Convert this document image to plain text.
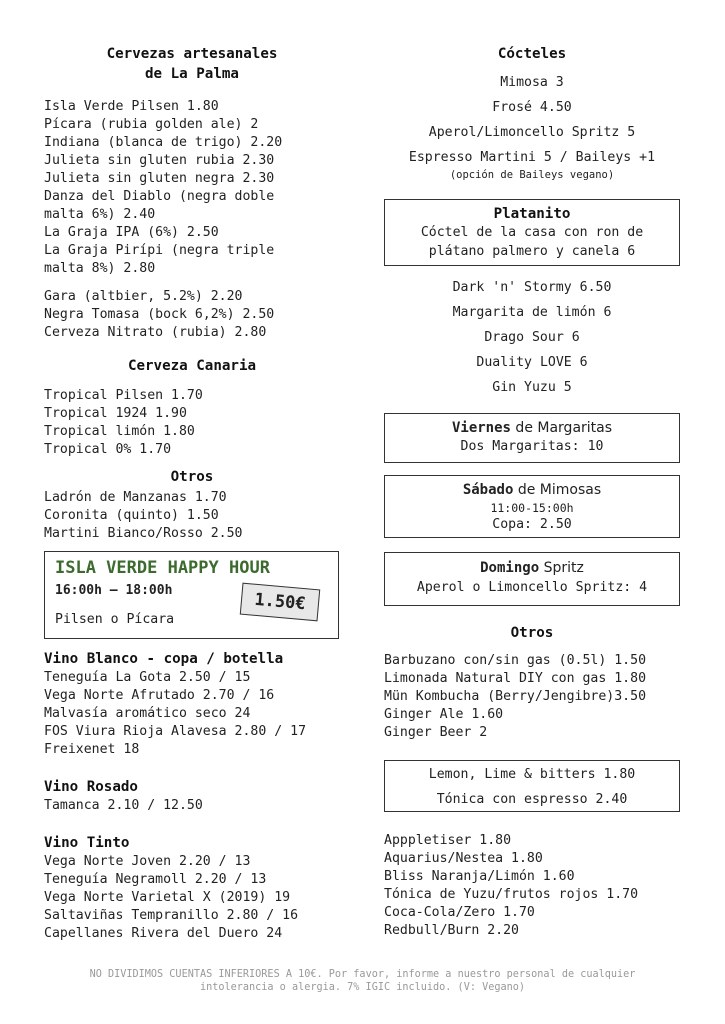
Cervezas artesanales
de La Palma
Isla Verde Pilsen 1.80
Pícara (rubia golden ale) 2
Indiana (blanca de trigo) 2.20
Julieta sin gluten rubia 2.30
Julieta sin gluten negra 2.30
Danza del Diablo (negra doble
malta 6%) 2.40
La Graja IPA (6%) 2.50
La Graja Pirípi (negra triple
malta 8%) 2.80
Gara (altbier, 5.2%) 2.20
Negra Tomasa (bock 6,2%) 2.50
Cerveza Nitrato (rubia) 2.80
Cerveza Canaria
Tropical Pilsen 1.70
Tropical 1924 1.90
Tropical limón 1.80
Tropical 0% 1.70
Otros
Ladrón de Manzanas 1.70
Coronita (quinto) 1.50
Martini Bianco/Rosso 2.50
ISLA VERDE HAPPY HOUR
16:00h – 18:00h
Pilsen o Pícara
1.50€
Vino Blanco - copa / botella
Teneguía La Gota 2.50 / 15
Vega Norte Afrutado 2.70 / 16
Malvasía aromático seco 24
FOS Viura Rioja Alavesa 2.80 / 17
Freixenet 18
Vino Rosado
Tamanca 2.10 / 12.50
Vino Tinto
Vega Norte Joven 2.20 / 13
Teneguía Negramoll 2.20 / 13
Vega Norte Varietal X (2019) 19
Saltaviñas Tempranillo 2.80 / 16
Capellanes Rivera del Duero 24
Cócteles
Mimosa 3
Frosé 4.50
Aperol/Limoncello Spritz 5
Espresso Martini 5 / Baileys +1
(opción de Baileys vegano)
Platanito
Cóctel de la casa con ron de
plátano palmero y canela 6
Dark 'n' Stormy 6.50
Margarita de limón 6
Drago Sour 6
Duality LOVE 6
Gin Yuzu 5
Viernes de Margaritas
Dos Margaritas: 10
Sábado de Mimosas
11:00-15:00h
Copa: 2.50
Domingo Spritz
Aperol o Limoncello Spritz: 4
Otros
Barbuzano con/sin gas (0.5l) 1.50
Limonada Natural DIY con gas 1.80
Mün Kombucha (Berry/Jengibre)3.50
Ginger Ale 1.60
Ginger Beer 2
Lemon, Lime & bitters 1.80
Tónica con espresso 2.40
Apppletiser 1.80
Aquarius/Nestea 1.80
Bliss Naranja/Limón 1.60
Tónica de Yuzu/frutos rojos 1.70
Coca-Cola/Zero 1.70
Redbull/Burn 2.20
NO DIVIDIMOS CUENTAS INFERIORES A 10€. Por favor, informe a nuestro personal de cualquier
intolerancia o alergia. 7% IGIC incluido. (V: Vegano)
